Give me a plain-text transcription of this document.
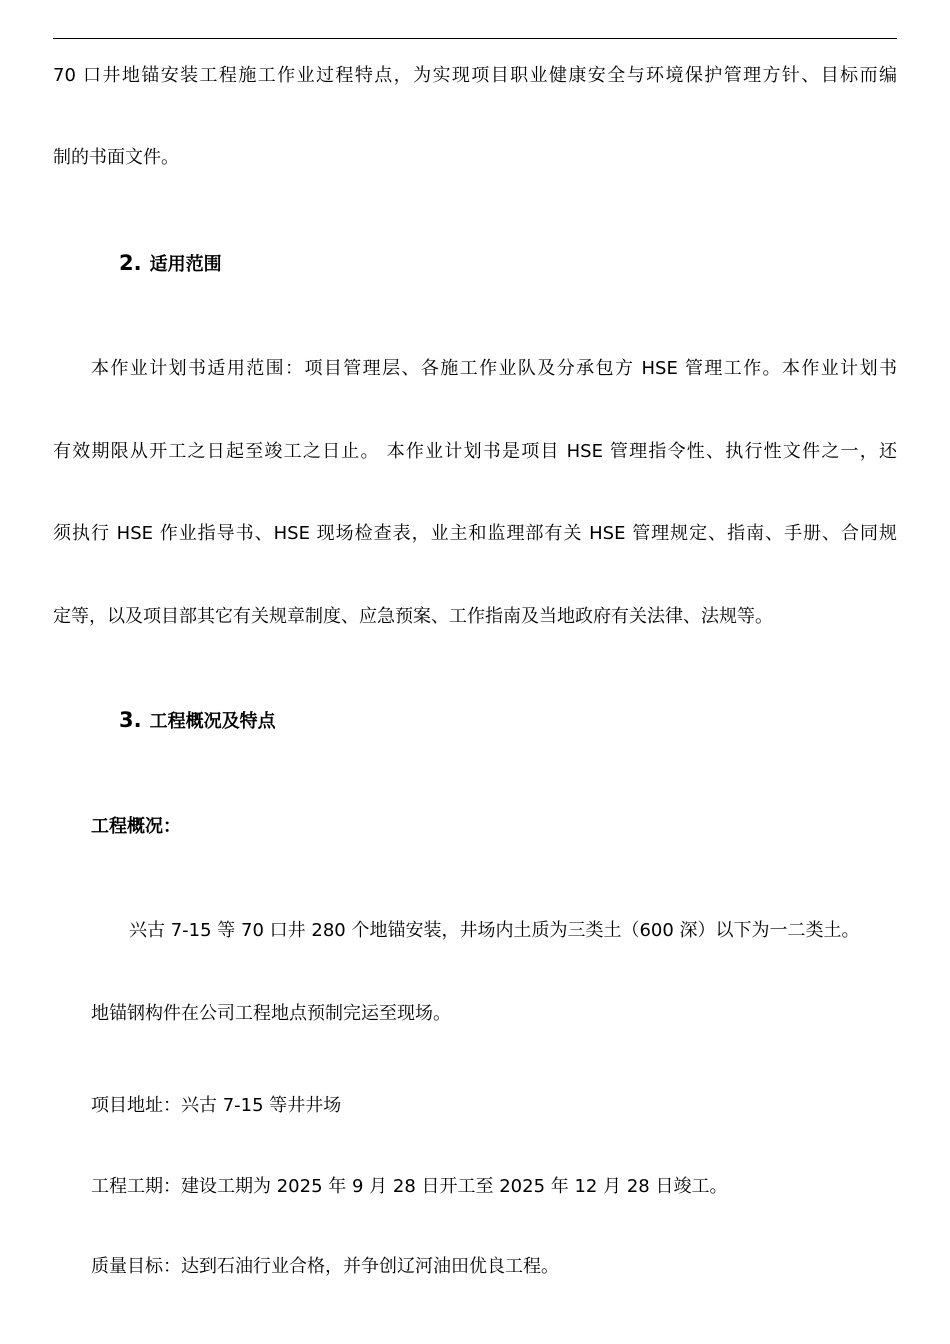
70 口井地锚安装工程施工作业过程特点，为实现项目职业健康安全与环境保护管理方针、目标而编
制的书面文件。
2. 适用范围
本作业计划书适用范围：项目管理层、各施工作业队及分承包方 HSE 管理工作。本作业计划书
有效期限从开工之日起至竣工之日止。 本作业计划书是项目 HSE 管理指令性、执行性文件之一，还
须执行 HSE 作业指导书、HSE 现场检查表，业主和监理部有关 HSE 管理规定、指南、手册、合同规
定等，以及项目部其它有关规章制度、应急预案、工作指南及当地政府有关法律、法规等。
3. 工程概况及特点
工程概况：
兴古 7-15 等 70 口井 280 个地锚安装，井场内土质为三类土（600 深）以下为一二类土。
地锚钢构件在公司工程地点预制完运至现场。
项目地址：兴古 7-15 等井井场
工程工期：建设工期为 2025 年 9 月 28 日开工至 2025 年 12 月 28 日竣工。
质量目标：达到石油行业合格，并争创辽河油田优良工程。
